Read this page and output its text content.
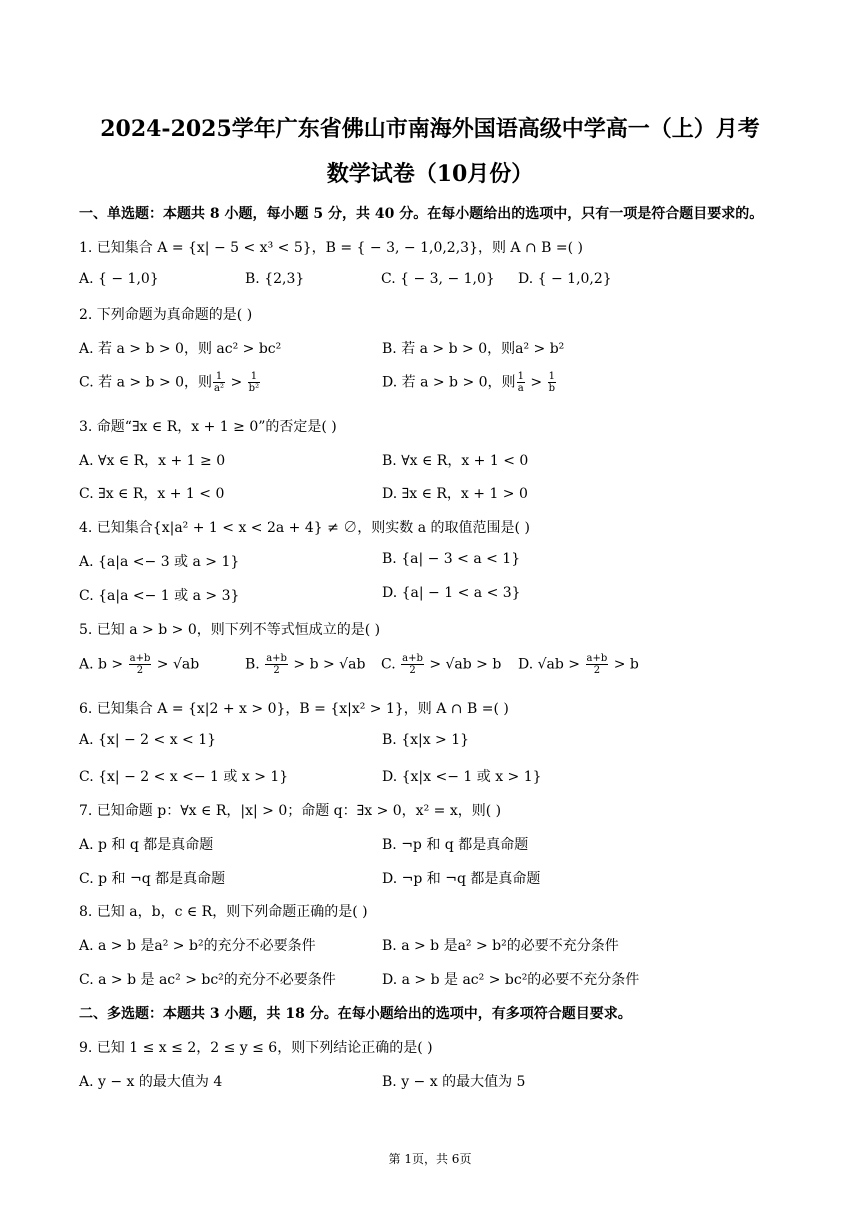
2024-2025学年广东省佛山市南海外国语高级中学高一（上）月考
数学试卷（10月份）
一、单选题：本题共 8 小题，每小题 5 分，共 40 分。在每小题给出的选项中，只有一项是符合题目要求的。
1. 已知集合 A = {x| − 5 < x³ < 5}，B = { − 3, − 1,0,2,3}，则 A ∩ B =( )
A. { − 1,0}	B. {2,3}	C. { − 3, − 1,0} D. { − 1,0,2}
2. 下列命题为真命题的是( )
A. 若 a > b > 0，则 ac² > bc²	B. 若 a > b > 0，则a² > b²
C. 若 a > b > 0，则 $\frac{1}{\text{a²}} > \frac{1}{\text{b²}}$	D. 若 a > b > 0，则 $\frac{1}{a} > \frac{1}{b}$
3. 命题“∃x ∈ R，x + 1 ≥ 0”的否定是( )
A. ∀x ∈ R，x + 1 ≥ 0	B. ∀x ∈ R，x + 1 < 0
C. ∃x ∈ R，x + 1 < 0	D. ∃x ∈ R，x + 1 > 0
4. 已知集合{x|a² + 1 < x < 2a + 4} ≠ ∅，则实数 a 的取值范围是( )
A. {a|a <− 3 或 a > 1}	B. {a| − 3 < a < 1}
C. {a|a <− 1 或 a > 3}	D. {a| − 1 < a < 3}
5. 已知 a > b > 0，则下列不等式恒成立的是( )
A. $b > \frac{a+b}{2} > √ab$	B. $\frac{a+b}{2} > b > √ab$ C. $\frac{a+b}{2} > √ab > b$ D. $√ab > \frac{a+b}{2} > b$
6. 已知集合 A = {x|2 + x > 0}，B = {x|x² > 1}，则 A ∩ B =( )
A. {x| − 2 < x < 1}	B. {x|x > 1}
C. {x| − 2 < x <− 1 或 x > 1}	D. {x|x <− 1 或 x > 1}
7. 已知命题 p：∀x ∈ R，|x| > 0；命题 q：∃x > 0，x² = x，则( )
A. p 和 q 都是真命题	B. ¬p 和 q 都是真命题
C. p 和 ¬q 都是真命题	D. ¬p 和 ¬q 都是真命题
8. 已知 a，b，c ∈ R，则下列命题正确的是( )
A. a > b 是a² > b²的充分不必要条件	B. a > b 是a² > b²的必要不充分条件
C. a > b 是 ac² > bc²的充分不必要条件	D. a > b 是 ac² > bc²的必要不充分条件
二、多选题：本题共 3 小题，共 18 分。在每小题给出的选项中，有多项符合题目要求。
9. 已知 1 ≤ x ≤ 2，2 ≤ y ≤ 6，则下列结论正确的是( )
A. y − x 的最大值为 4	B. y − x 的最大值为 5
第 1页，共 6页
